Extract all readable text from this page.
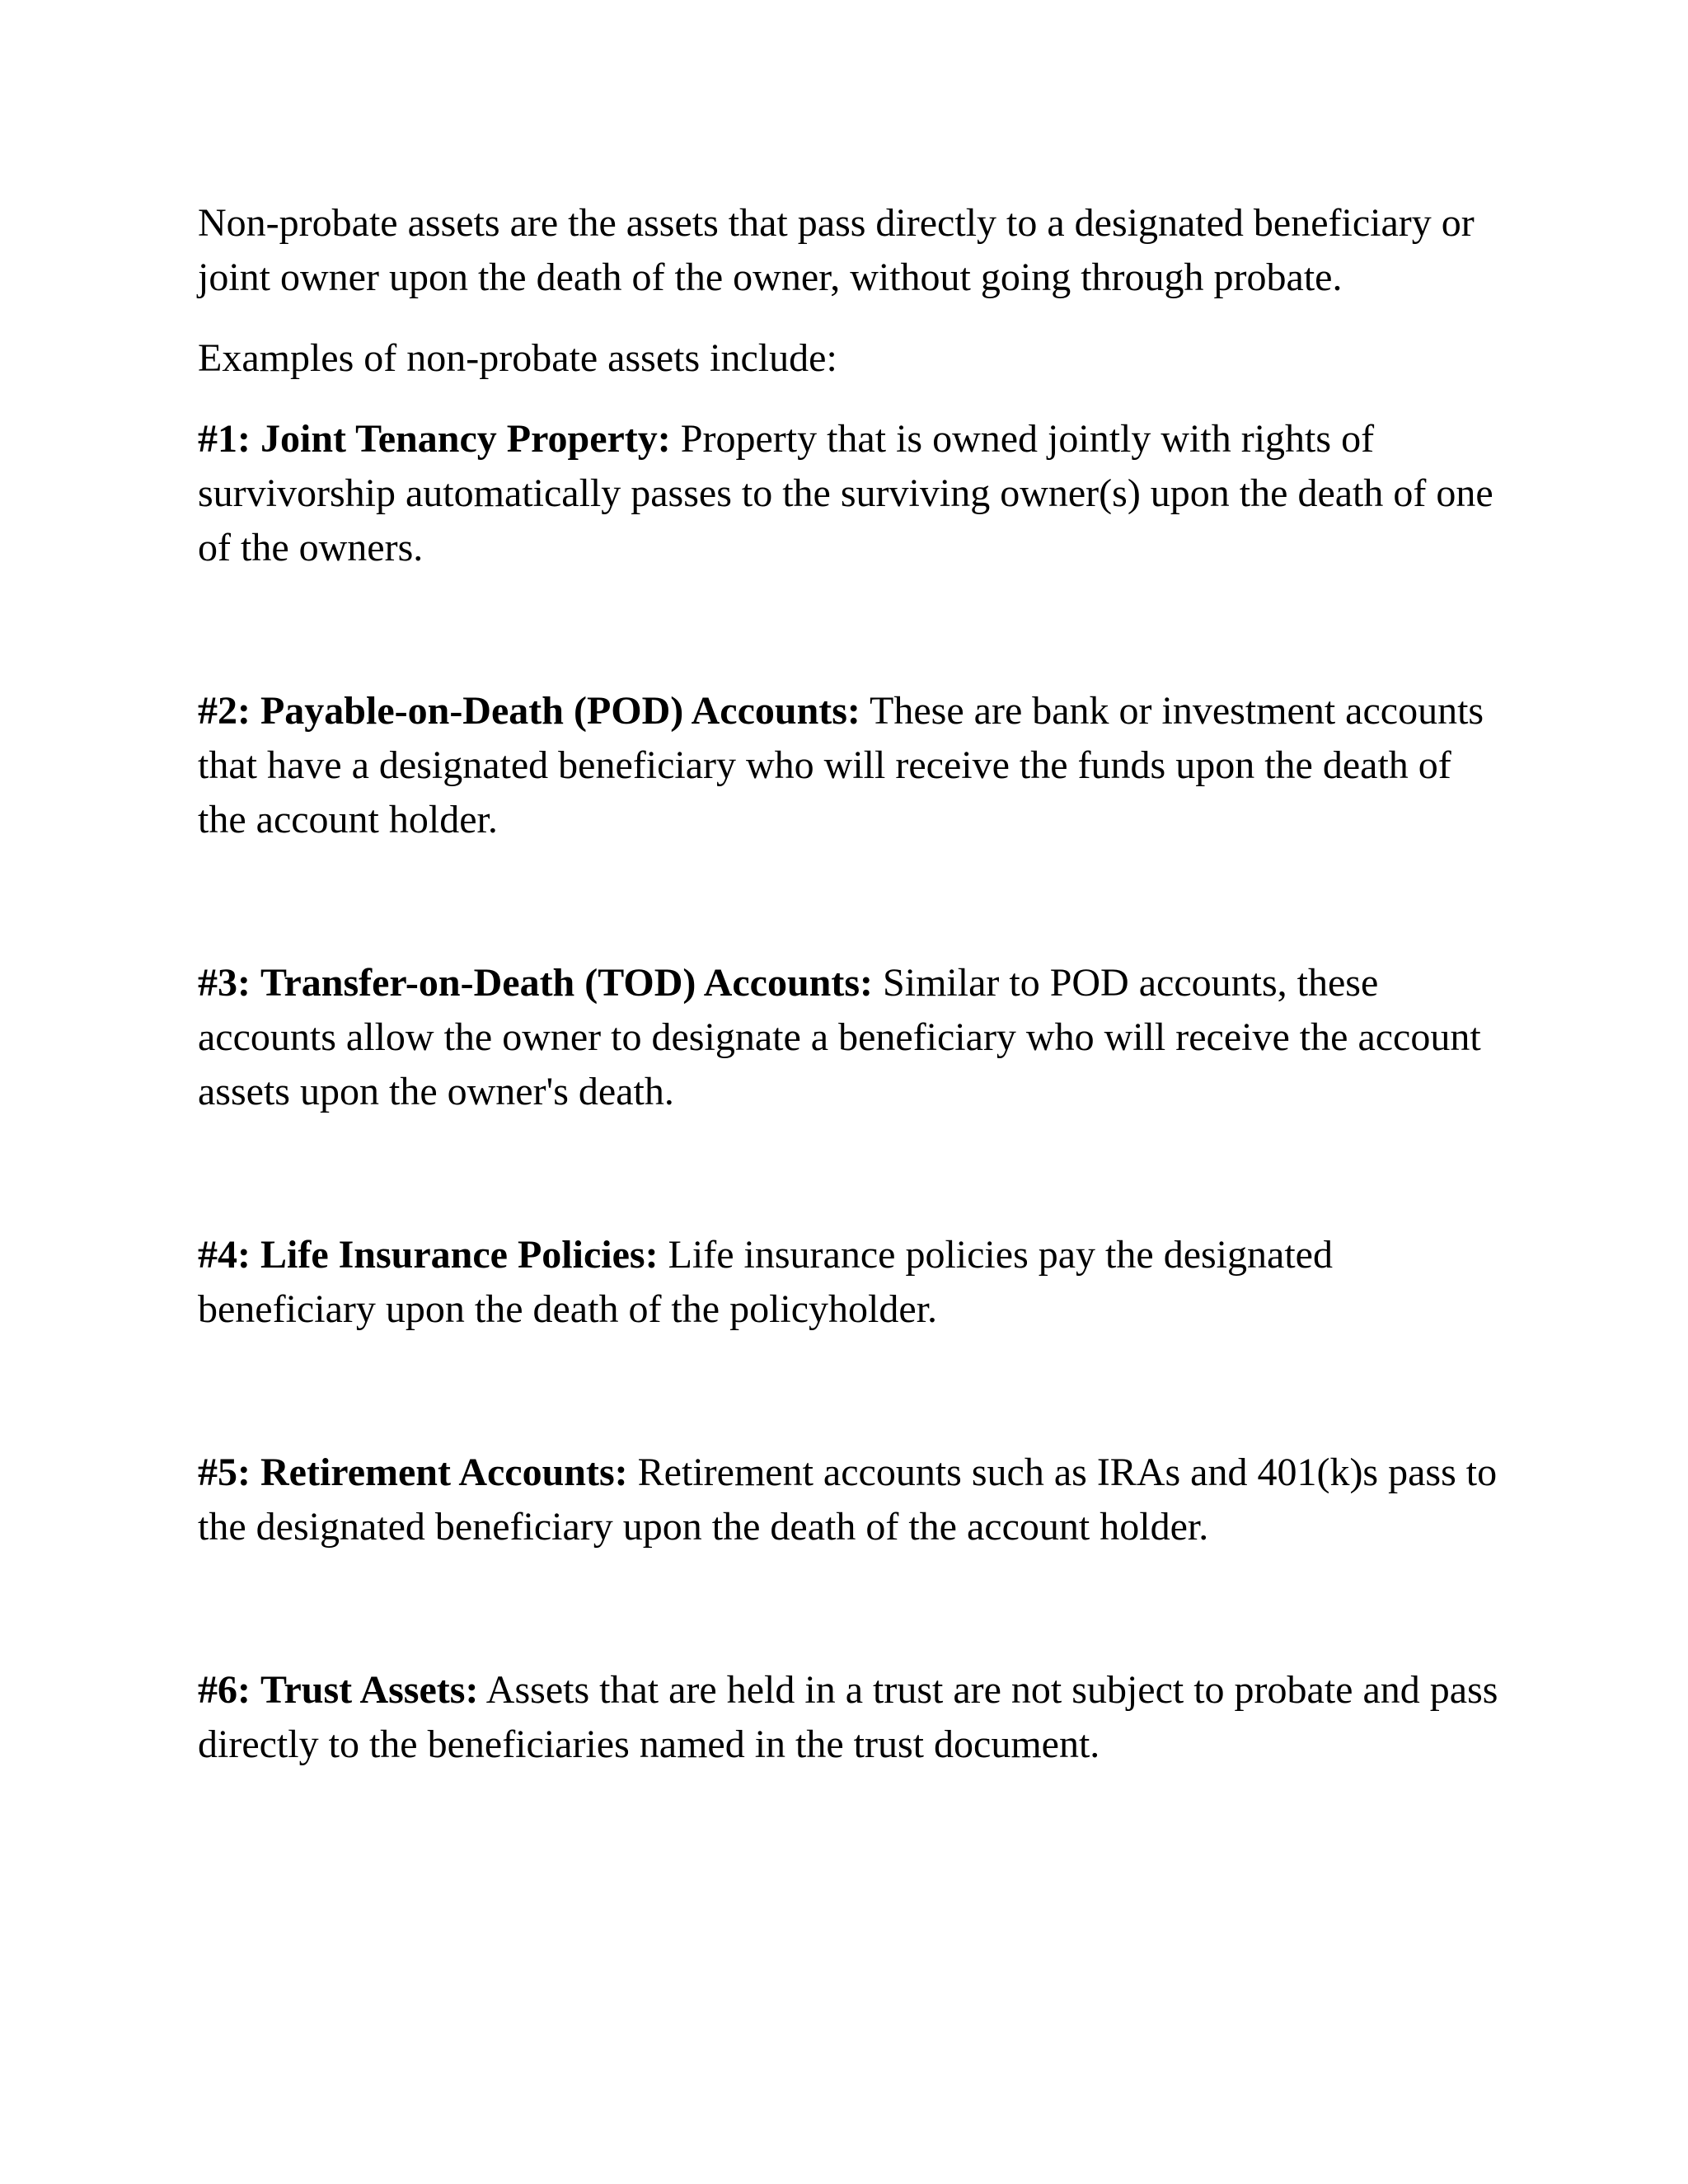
Non-probate assets are the assets that pass directly to a designated beneficiary or joint owner upon the death of the owner, without going through probate.

Examples of non-probate assets include:

#1: Joint Tenancy Property: Property that is owned jointly with rights of survivorship automatically passes to the surviving owner(s) upon the death of one of the owners.

#2: Payable-on-Death (POD) Accounts: These are bank or investment accounts that have a designated beneficiary who will receive the funds upon the death of the account holder.

#3: Transfer-on-Death (TOD) Accounts: Similar to POD accounts, these accounts allow the owner to designate a beneficiary who will receive the account assets upon the owner's death.

#4: Life Insurance Policies: Life insurance policies pay the designated beneficiary upon the death of the policyholder.

#5: Retirement Accounts: Retirement accounts such as IRAs and 401(k)s pass to the designated beneficiary upon the death of the account holder.

#6: Trust Assets: Assets that are held in a trust are not subject to probate and pass directly to the beneficiaries named in the trust document.
